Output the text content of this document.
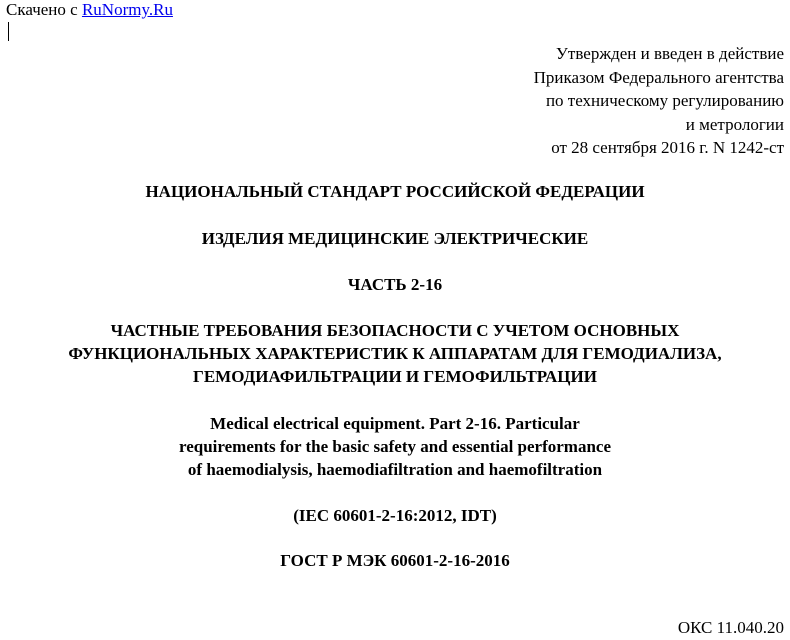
Скачено с RuNormy.Ru
Утвержден и введен в действие
Приказом Федерального агентства
по техническому регулированию
и метрологии
от 28 сентября 2016 г. N 1242-ст
НАЦИОНАЛЬНЫЙ СТАНДАРТ РОССИЙСКОЙ ФЕДЕРАЦИИ
ИЗДЕЛИЯ МЕДИЦИНСКИЕ ЭЛЕКТРИЧЕСКИЕ
ЧАСТЬ 2-16
ЧАСТНЫЕ ТРЕБОВАНИЯ БЕЗОПАСНОСТИ С УЧЕТОМ ОСНОВНЫХ
ФУНКЦИОНАЛЬНЫХ ХАРАКТЕРИСТИК К АППАРАТАМ ДЛЯ ГЕМОДИАЛИЗА,
ГЕМОДИАФИЛЬТРАЦИИ И ГЕМОФИЛЬТРАЦИИ
Medical electrical equipment. Part 2-16. Particular
requirements for the basic safety and essential performance
of haemodialysis, haemodiafiltration and haemofiltration
(IEC 60601-2-16:2012, IDT)
ГОСТ Р МЭК 60601-2-16-2016
ОКС 11.040.20
